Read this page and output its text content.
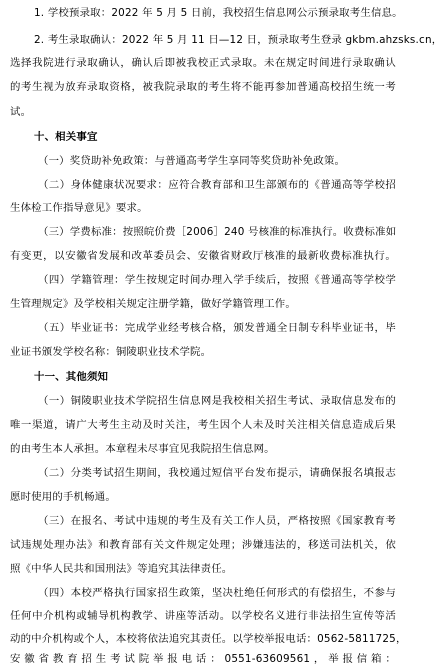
1. 学校预录取：2022 年 5 月 5 日前，我校招生信息网公示预录取考生信息。
2. 考生录取确认：2022 年 5 月 11 日—12 日，预录取考生登录 gkbm.ahzsks.cn，
选择我院进行录取确认，确认后即被我校正式录取。未在规定时间进行录取确认
的考生视为放弃录取资格，被我院录取的考生将不能再参加普通高校招生统一考
试。
十、相关事宜
（一）奖贷助补免政策：与普通高考学生享同等奖贷助补免政策。
（二）身体健康状况要求：应符合教育部和卫生部颁布的《普通高等学校招
生体检工作指导意见》要求。
（三）学费标准：按照皖价费［2006］240 号核准的标准执行。收费标准如
有变更，以安徽省发展和改革委员会、安徽省财政厅核准的最新收费标准执行。
（四）学籍管理：学生按规定时间办理入学手续后，按照《普通高等学校学
生管理规定》及学校相关规定注册学籍，做好学籍管理工作。
（五）毕业证书：完成学业经考核合格，颁发普通全日制专科毕业证书，毕
业证书颁发学校名称：铜陵职业技术学院。
十一、其他须知
（一）铜陵职业技术学院招生信息网是我校相关招生考试、录取信息发布的
唯一渠道，请广大考生主动及时关注，考生因个人未及时关注相关信息造成后果
的由考生本人承担。本章程未尽事宜见我院招生信息网。
（二）分类考试招生期间，我校通过短信平台发布提示，请确保报名填报志
愿时使用的手机畅通。
（三）在报名、考试中违规的考生及有关工作人员，严格按照《国家教育考
试违规处理办法》和教育部有关文件规定处理；涉嫌违法的，移送司法机关，依
照《中华人民共和国刑法》等追究其法律责任。
（四）本校严格执行国家招生政策，坚决杜绝任何形式的有偿招生，不参与
任何中介机构或辅导机构教学、讲座等活动。以学校名义进行非法招生宣传等活
动的中介机构或个人，本校将依法追究其责任。以学校举报电话：0562-5811725，
安徽省教育招生考试院举报电话：0551-63609561，举报信箱：
